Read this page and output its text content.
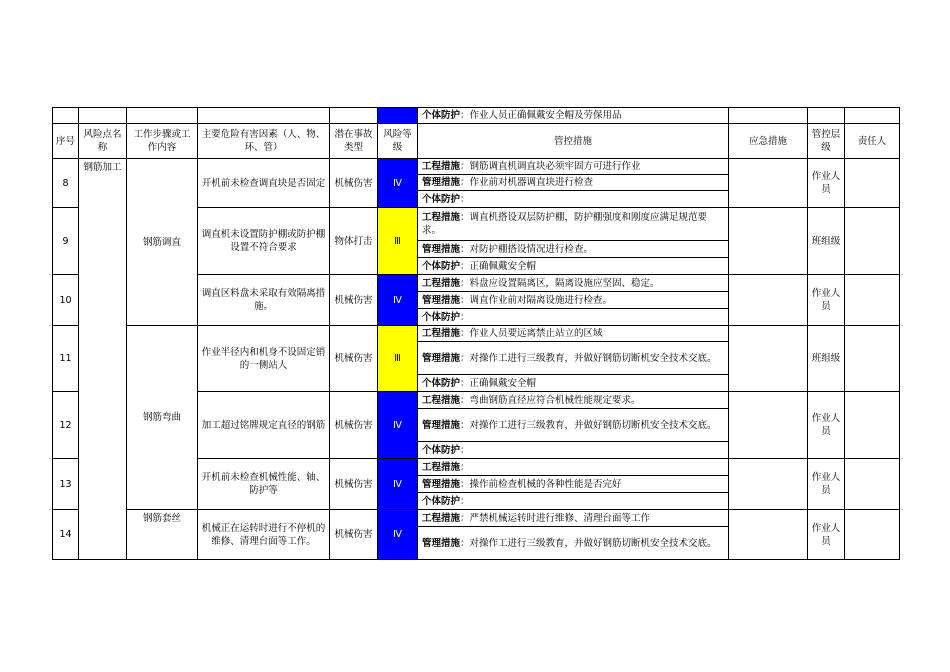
						个体防护：作业人员正确佩戴安全帽及劳保用品			
序号	风险点名称	工作步骤或工作内容	主要危险有害因素（人、物、环、管）	潜在事故类型	风险等级	管控措施	应急措施	管控层级	责任人
8	钢筋加工	钢筋调直	开机前未检查调直块是否固定	机械伤害	Ⅳ	工程措施：钢筋调直机调直块必须牢固方可进行作业		作业人员	
						管理措施：作业前对机器调直块进行检查			
						个体防护：			
9			调直机未设置防护棚或防护棚设置不符合要求	物体打击	Ⅲ	工程措施：调直机搭设双层防护棚，防护棚强度和刚度应满足规范要求。		班组级	
						管理措施：对防护棚搭设情况进行检查。			
						个体防护：正确佩戴安全帽			
10			调直区料盘未采取有效隔离措施。	机械伤害	Ⅳ	工程措施：料盘应设置隔离区，隔离设施应坚固、稳定。		作业人员	
						管理措施：调直作业前对隔离设施进行检查。			
						个体防护：			
11		钢筋弯曲	作业半径内和机身不设固定销的一侧站人	机械伤害	Ⅲ	工程措施：作业人员要远离禁止站立的区域		班组级	
						管理措施：对操作工进行三级教育，并做好钢筋切断机安全技术交底。			
						个体防护：正确佩戴安全帽			
12			加工超过铭牌规定直径的钢筋	机械伤害	Ⅳ	工程措施：弯曲钢筋直径应符合机械性能规定要求。		作业人员	
						管理措施：对操作工进行三级教育，并做好钢筋切断机安全技术交底。			
						个体防护：			
13			开机前未检查机械性能、轴、防护等	机械伤害	Ⅳ	工程措施：		作业人员	
						管理措施：操作前检查机械的各种性能是否完好			
						个体防护：			
14		钢筋套丝	机械正在运转时进行不停机的维修、清理台面等工作。	机械伤害	Ⅳ	工程措施：严禁机械运转时进行维修、清理台面等工作		作业人员	
						管理措施：对操作工进行三级教育，并做好钢筋切断机安全技术交底。			
